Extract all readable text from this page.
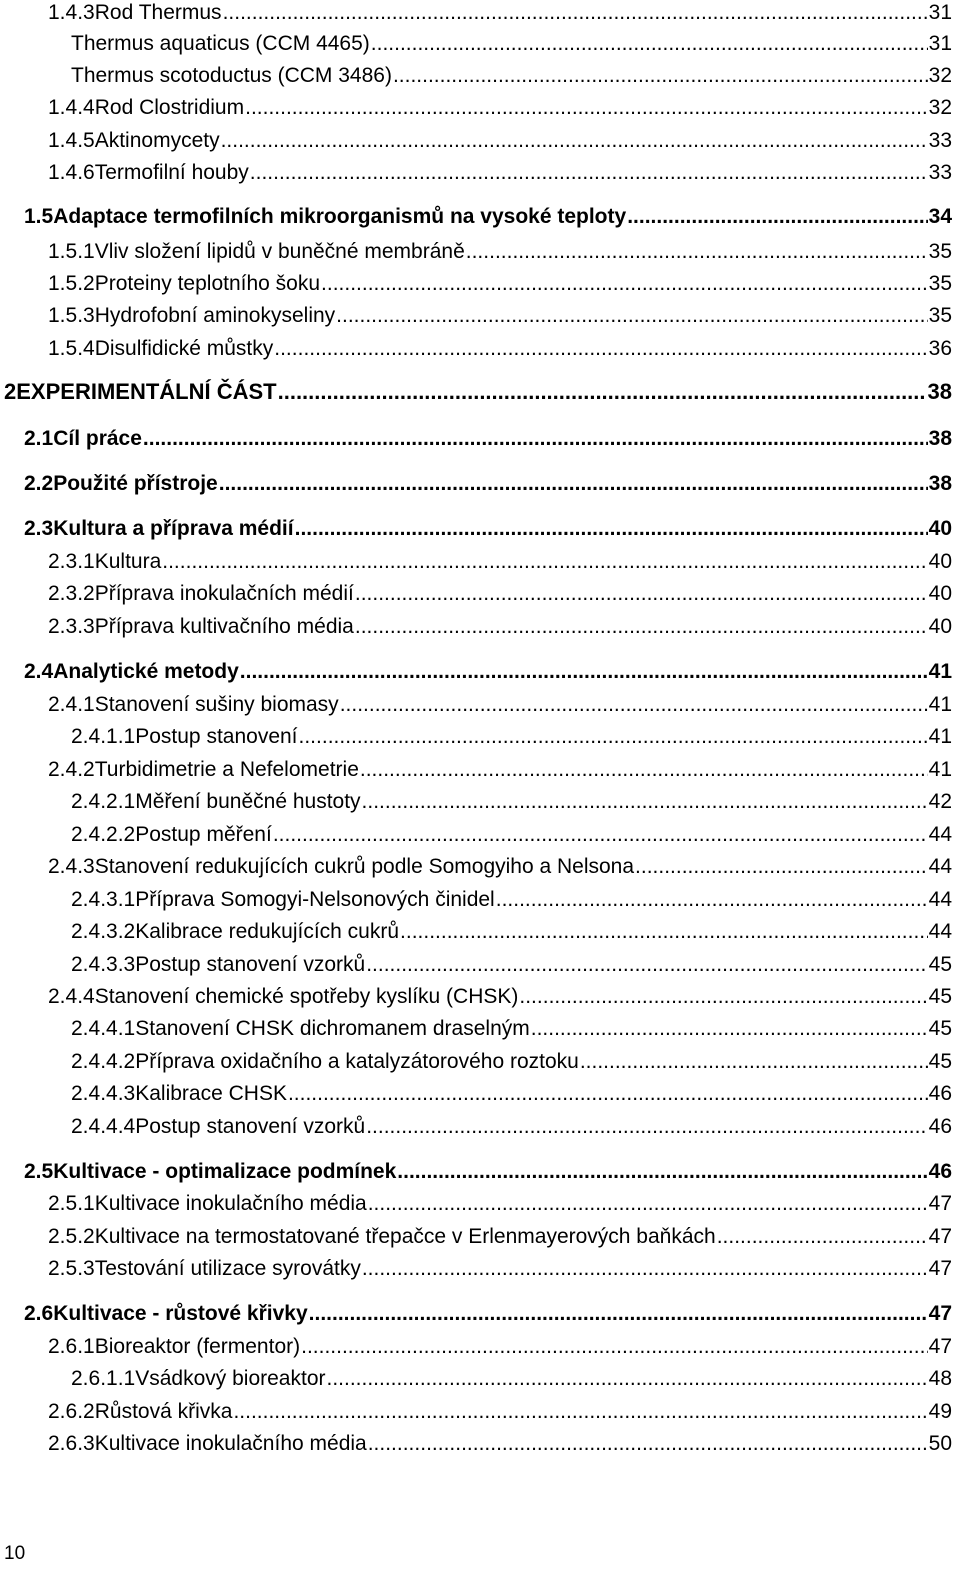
1.4.3 Rod Thermus .....	31
Thermus aquaticus (CCM 4465) .....	31
Thermus scotoductus (CCM 3486) .....	32
1.4.4 Rod Clostridium .....	32
1.4.5 Aktinomycety .....	33
1.4.6 Termofilní houby .....	33
1.5 Adaptace termofilních mikroorganismů na vysoké teploty .....	34
1.5.1 Vliv složení lipidů v buněčné membráně .....	35
1.5.2 Proteiny teplotního šoku .....	35
1.5.3 Hydrofobní aminokyseliny .....	35
1.5.4 Disulfidické můstky .....	36
2 EXPERIMENTÁLNÍ ČÁST .....	38
2.1 Cíl práce .....	38
2.2 Použité přístroje .....	38
2.3 Kultura a příprava médií .....	40
2.3.1 Kultura .....	40
2.3.2 Příprava inokulačních médií .....	40
2.3.3 Příprava kultivačního média .....	40
2.4 Analytické metody .....	41
2.4.1 Stanovení sušiny biomasy .....	41
2.4.1.1 Postup stanovení .....	41
2.4.2 Turbidimetrie a Nefelometrie .....	41
2.4.2.1 Měření buněčné hustoty .....	42
2.4.2.2 Postup měření .....	44
2.4.3 Stanovení redukujících cukrů podle Somogyiho a Nelsona .....	44
2.4.3.1 Příprava Somogyi-Nelsonových činidel .....	44
2.4.3.2 Kalibrace redukujících cukrů .....	44
2.4.3.3 Postup stanovení vzorků .....	45
2.4.4 Stanovení chemické spotřeby kyslíku (CHSK) .....	45
2.4.4.1 Stanovení CHSK dichromanem draselným .....	45
2.4.4.2 Příprava oxidačního a katalyzátorového roztoku .....	45
2.4.4.3 Kalibrace CHSK .....	46
2.4.4.4 Postup stanovení vzorků .....	46
2.5 Kultivace - optimalizace podmínek .....	46
2.5.1 Kultivace inokulačního média .....	47
2.5.2 Kultivace na termostatované třepačce v Erlenmayerových baňkách .....	47
2.5.3 Testování utilizace syrovátky .....	47
2.6 Kultivace - růstové křivky .....	47
2.6.1 Bioreaktor (fermentor) .....	47
2.6.1.1 Vsádkový bioreaktor .....	48
2.6.2 Růstová křivka .....	49
2.6.3 Kultivace inokulačního média .....	50
10
